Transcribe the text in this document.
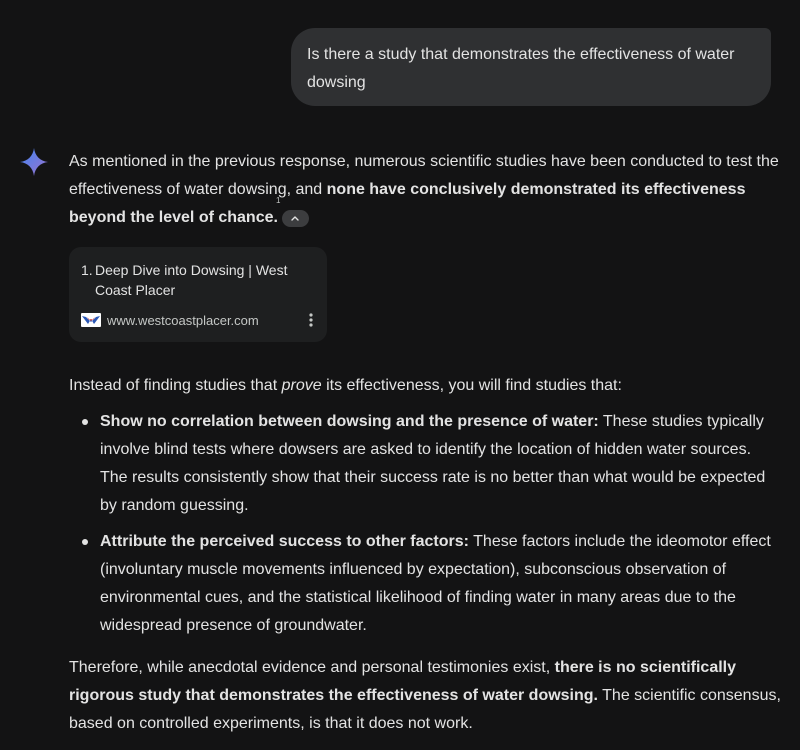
Is there a study that demonstrates the effectiveness of water dowsing

As mentioned in the previous response, numerous scientific studies have been conducted to test the effectiveness of water dowsing, and none have conclusively demonstrated its effectiveness beyond the level of chance.
1

1. Deep Dive into Dowsing | West Coast Placer
www.westcoastplacer.com

Instead of finding studies that prove its effectiveness, you will find studies that:

Show no correlation between dowsing and the presence of water: These studies typically involve blind tests where dowsers are asked to identify the location of hidden water sources. The results consistently show that their success rate is no better than what would be expected by random guessing.
Attribute the perceived success to other factors: These factors include the ideomotor effect (involuntary muscle movements influenced by expectation), subconscious observation of environmental cues, and the statistical likelihood of finding water in many areas due to the widespread presence of groundwater.

Therefore, while anecdotal evidence and personal testimonies exist, there is no scientifically rigorous study that demonstrates the effectiveness of water dowsing. The scientific consensus, based on controlled experiments, is that it does not work.
